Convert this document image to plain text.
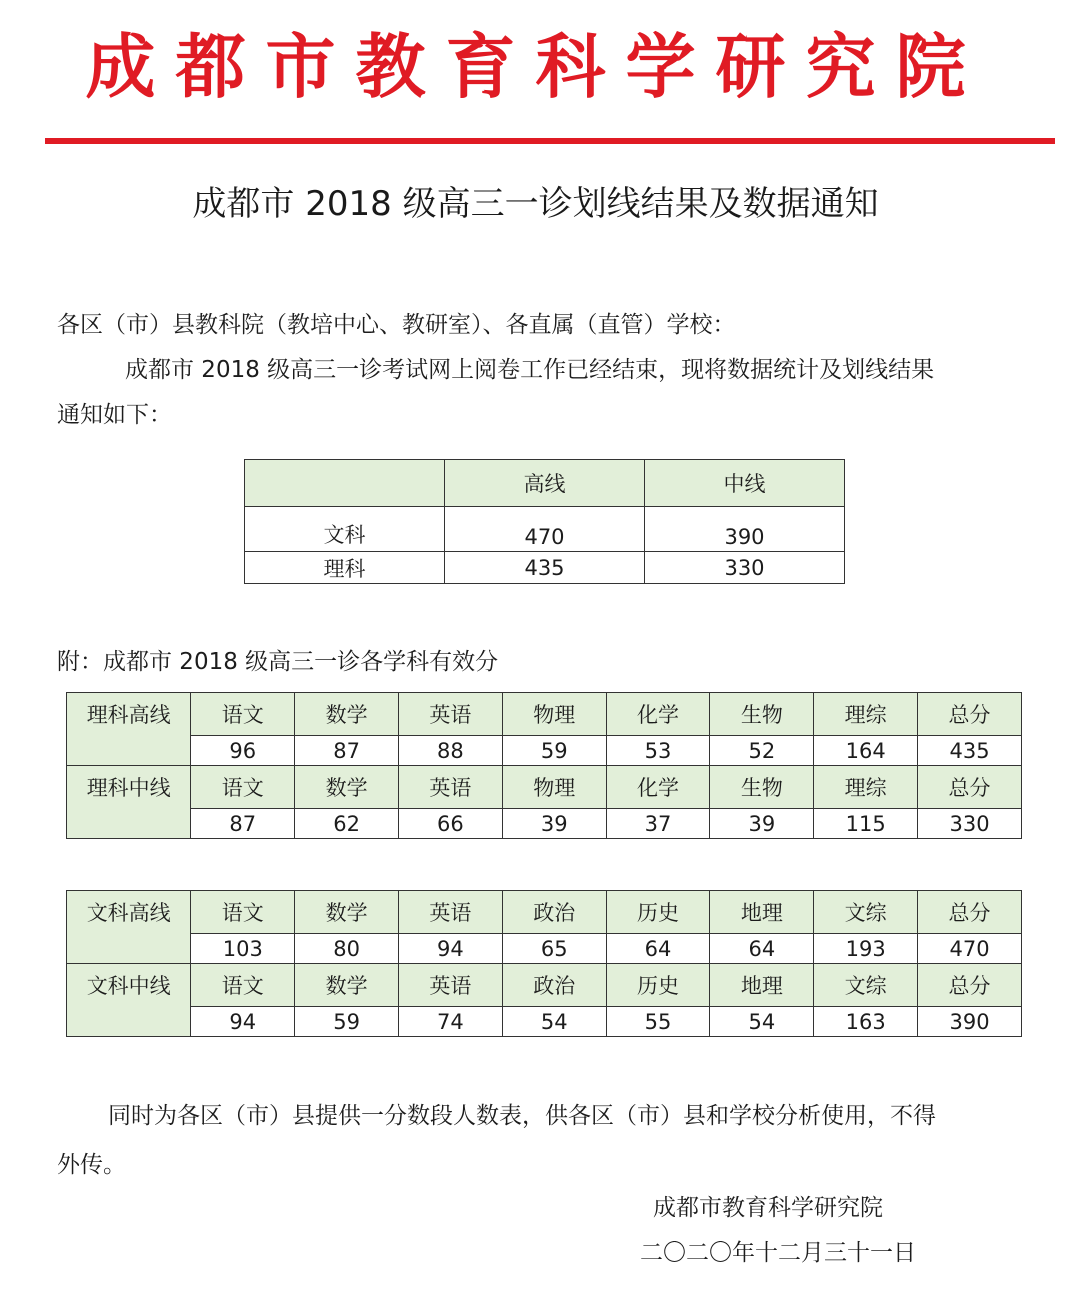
成都市教育科学研究院
成都市 2018 级高三一诊划线结果及数据通知
各区（市）县教科院（教培中心、教研室）、各直属（直管）学校：
成都市 2018 级高三一诊考试网上阅卷工作已经结束，现将数据统计及划线结果
通知如下：
	高线	中线
文科	470	390
理科	435	330
附：成都市 2018 级高三一诊各学科有效分
理科高线	语文	数学	英语	物理	化学	生物	理综	总分
	96	87	88	59	53	52	164	435
理科中线	语文	数学	英语	物理	化学	生物	理综	总分
	87	62	66	39	37	39	115	330
文科高线	语文	数学	英语	政治	历史	地理	文综	总分
	103	80	94	65	64	64	193	470
文科中线	语文	数学	英语	政治	历史	地理	文综	总分
	94	59	74	54	55	54	163	390
同时为各区（市）县提供一分数段人数表，供各区（市）县和学校分析使用，不得
外传。
成都市教育科学研究院
二〇二〇年十二月三十一日
